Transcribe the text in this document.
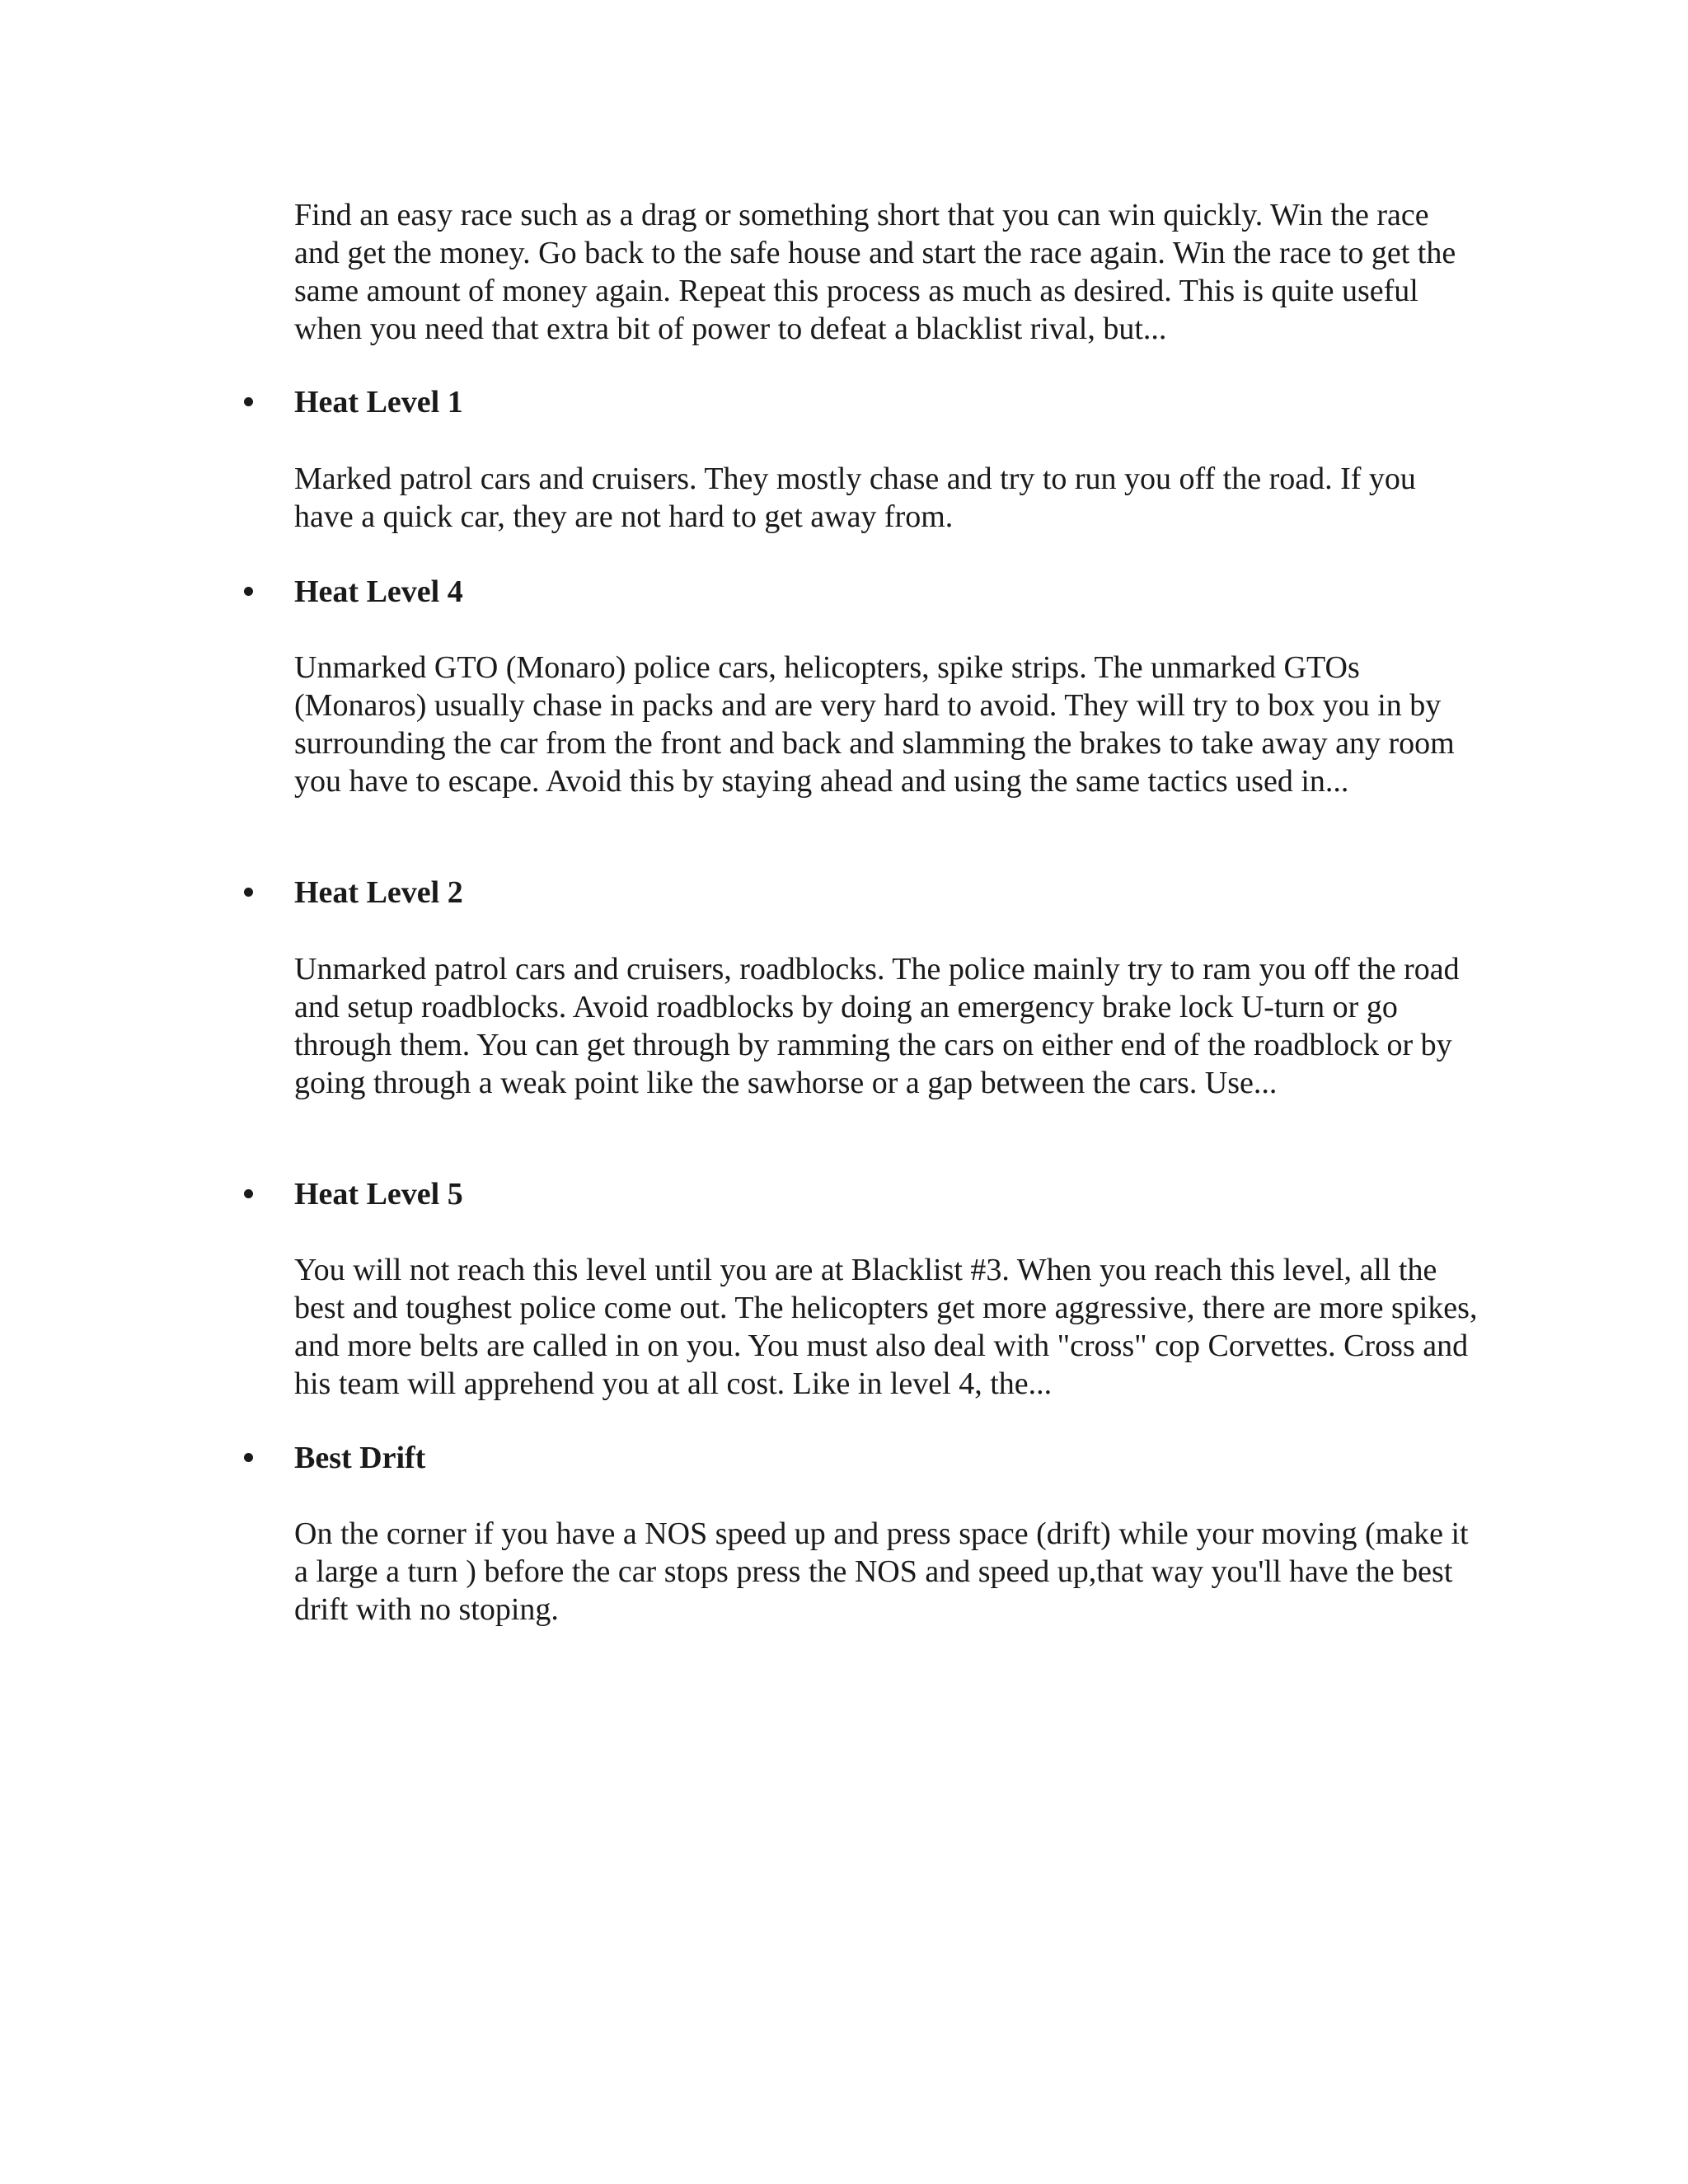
Find an easy race such as a drag or something short that you can win quickly. Win the race and get the money. Go back to the safe house and start the race again. Win the race to get the same amount of money again. Repeat this process as much as desired. This is quite useful when you need that extra bit of power to defeat a blacklist rival, but...

Heat Level 1

Marked patrol cars and cruisers. They mostly chase and try to run you off the road. If you have a quick car, they are not hard to get away from.

Heat Level 4

Unmarked GTO (Monaro) police cars, helicopters, spike strips. The unmarked GTOs (Monaros) usually chase in packs and are very hard to avoid. They will try to box you in by surrounding the car from the front and back and slamming the brakes to take away any room you have to escape. Avoid this by staying ahead and using the same tactics used in...

Heat Level 2

Unmarked patrol cars and cruisers, roadblocks. The police mainly try to ram you off the road and setup roadblocks. Avoid roadblocks by doing an emergency brake lock U-turn or go through them. You can get through by ramming the cars on either end of the roadblock or by going through a weak point like the sawhorse or a gap between the cars. Use...

Heat Level 5

You will not reach this level until you are at Blacklist #3. When you reach this level, all the best and toughest police come out. The helicopters get more aggressive, there are more spikes, and more belts are called in on you. You must also deal with "cross" cop Corvettes. Cross and his team will apprehend you at all cost. Like in level 4, the...

Best Drift

On the corner if you have a NOS speed up and press space (drift) while your moving (make it a large a turn ) before the car stops press the NOS and speed up,that way you'll have the best drift with no stoping.
